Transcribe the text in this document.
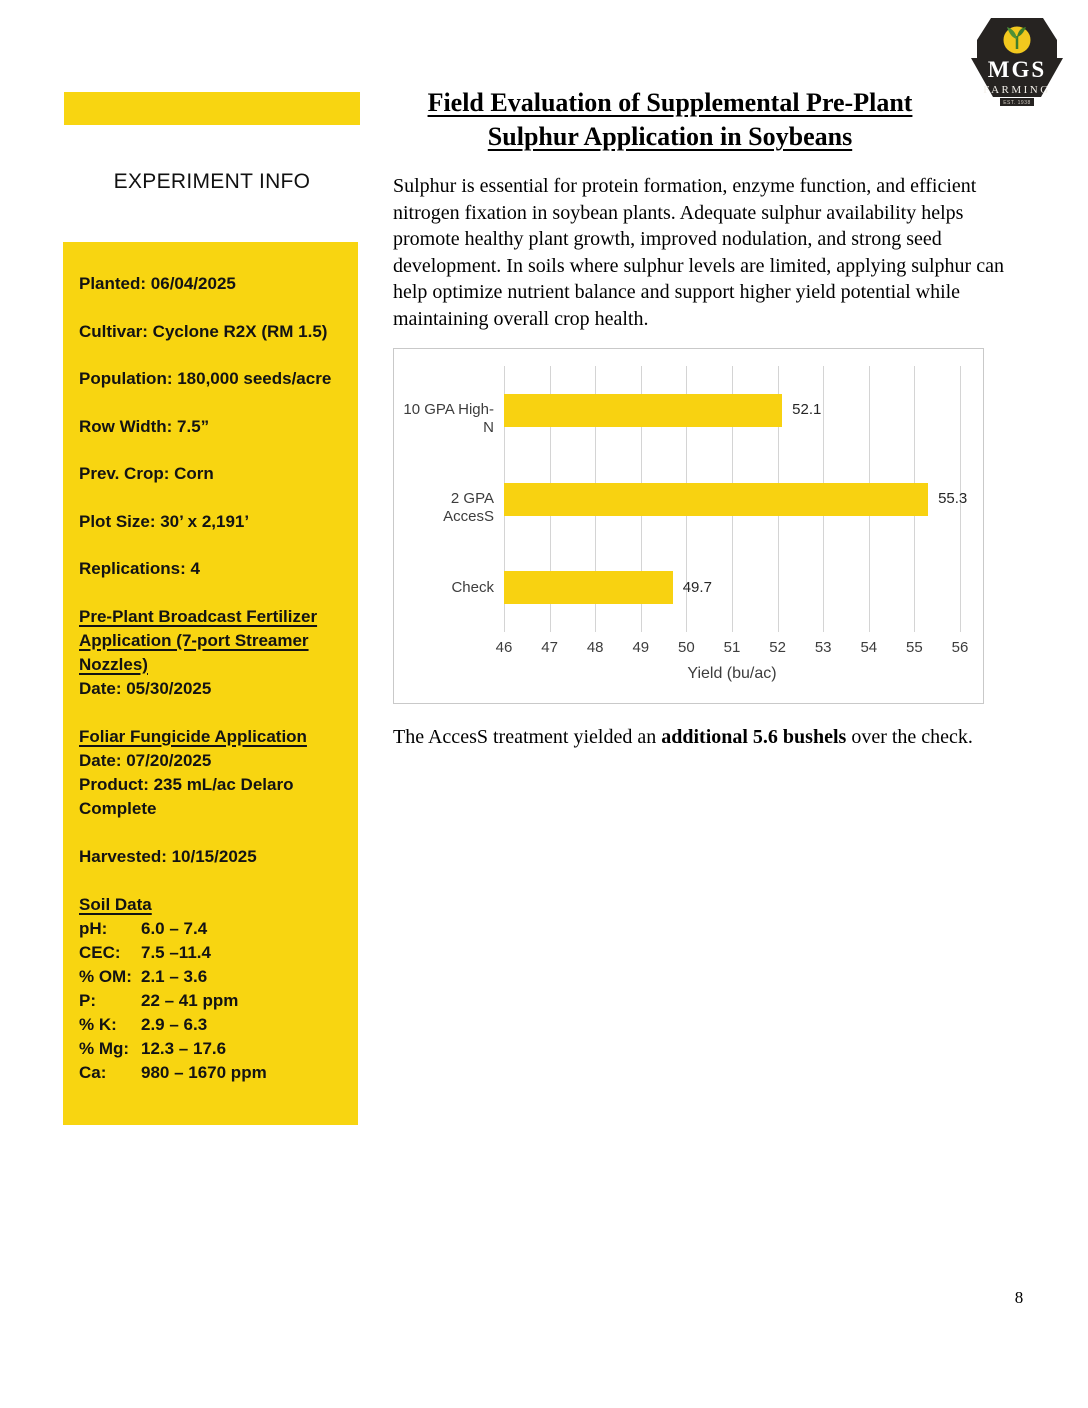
EXPERIMENT INFO
Planted: 06/04/2025
Cultivar: Cyclone R2X (RM 1.5)
Population: 180,000 seeds/acre
Row Width: 7.5”
Prev. Crop: Corn
Plot Size: 30’ x 2,191’
Replications: 4
Pre-Plant Broadcast Fertilizer Application (7-port Streamer Nozzles)
Date: 05/30/2025
Foliar Fungicide Application
Date: 07/20/2025
Product: 235 mL/ac Delaro Complete
Harvested: 10/15/2025
Soil Data
pH:	6.0 – 7.4
CEC:	7.5 –11.4
% OM: 2.1 – 3.6
P:	22 – 41 ppm
% K:	2.9 – 6.3
% Mg: 12.3 – 17.6
Ca:	980 – 1670 ppm
Field Evaluation of Supplemental Pre-Plant
Sulphur Application in Soybeans
Sulphur is essential for protein formation, enzyme function, and efficient nitrogen fixation in soybean plants. Adequate sulphur availability helps promote healthy plant growth, improved nodulation, and strong seed development. In soils where sulphur levels are limited, applying sulphur can help optimize nutrient balance and support higher yield potential while maintaining overall crop health.
Yield (bu/ac)
46 47 48 49 50 51 52 53 54 55 56
10 GPA High-N
52.1
2 GPA AccesS
55.3
Check	49.7
The AccesS treatment yielded an additional 5.6 bushels over the check.
MGS
FARMING
EST. 1938
8
